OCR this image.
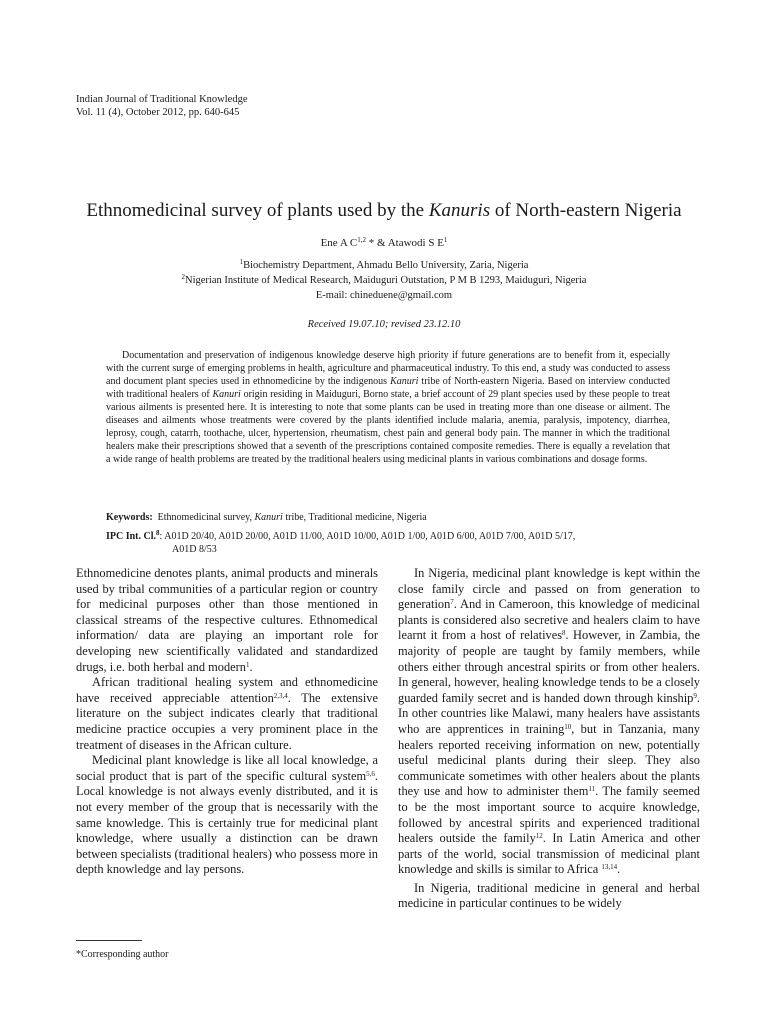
Indian Journal of Traditional Knowledge
Vol. 11 (4), October 2012, pp. 640-645
Ethnomedicinal survey of plants used by the Kanuris of North-eastern Nigeria
Ene A C$^{1,2}$ * & Atawodi S $E^1$
$^1$Biochemistry Department, Ahmadu Bello University, Zaria, Nigeria
$^2$Nigerian Institute of Medical Research, Maiduguri Outstation, P M B 1293, Maiduguri, Nigeria
E-mail: chineduene@gmail.com
Received 19.07.10; revised 23.12.10

Documentation and preservation of indigenous knowledge deserve high priority if future generations are to benefit from it, especially with the current surge of emerging problems in health, agriculture and pharmaceutical industry. To this end, a study was conducted to assess and document plant species used in ethnomedicine by the indigenous Kanuri tribe of North-eastern Nigeria. Based on interview conducted with traditional healers of Kanuri origin residing in Maiduguri, Borno state, a brief account of 29 plant species used by these people to treat various ailments is presented here. It is interesting to note that some plants can be used in treating more than one disease or ailment. The diseases and ailments whose treatments were covered by the plants identified include malaria, anemia, paralysis, impotency, diarrhea, leprosy, cough, catarrh, toothache, ulcer, hypertension, rheumatism, chest pain and general body pain. The manner in which the traditional healers make their prescriptions showed that a seventh of the prescriptions contained composite remedies. There is equally a revelation that a wide range of health problems are treated by the traditional healers using medicinal plants in various combinations and dosage forms.

Keywords: Ethnomedicinal survey, Kanuri tribe, Traditional medicine, Nigeria
IPC Int. Cl.$^8$: A01D 20/40, A01D 20/00, A01D 11/00, A01D 10/00, A01D 1/00, A01D 6/00, A01D 7/00, A01D 5/17,
A01D 8/53

Ethnomedicine denotes plants, animal products and minerals used by tribal communities of a particular region or country for medicinal purposes other than those mentioned in classical streams of the respective cultures. Ethnomedical information/ data are playing an important role for developing new scientifically validated and standardized drugs, i.e. both herbal and modern$^1$.

African traditional healing system and ethnomedicine have received appreciable attention$^{2,3,4}$. The extensive literature on the subject indicates clearly that traditional medicine practice occupies a very prominent place in the treatment of diseases in the African culture.

Medicinal plant knowledge is like all local knowledge, a social product that is part of the specific cultural system$^{5,6}$. Local knowledge is not always evenly distributed, and it is not every member of the group that is necessarily with the same knowledge. This is certainly true for medicinal plant knowledge, where usually a distinction can be drawn between specialists (traditional healers) who possess more in depth knowledge and lay persons.

In Nigeria, medicinal plant knowledge is kept within the close family circle and passed on from generation to generation$^7$. And in Cameroon, this knowledge of medicinal plants is considered also secretive and healers claim to have learnt it from a host of relatives$^8$. However, in Zambia, the majority of people are taught by family members, while others either through ancestral spirits or from other healers. In general, however, healing knowledge tends to be a closely guarded family secret and is handed down through kinship$^9$. In other countries like Malawi, many healers have assistants who are apprentices in training$^{10}$, but in Tanzania, many healers reported receiving information on new, potentially useful medicinal plants during their sleep. They also communicate sometimes with other healers about the plants they use and how to administer them$^{11}$. The family seemed to be the most important source to acquire knowledge, followed by ancestral spirits and experienced traditional healers outside the family$^{12}$. In Latin America and other parts of the world, social transmission of medicinal plant knowledge and skills is similar to Africa $^{13,14}$.

In Nigeria, traditional medicine in general and herbal medicine in particular continues to be widely

*Corresponding author
